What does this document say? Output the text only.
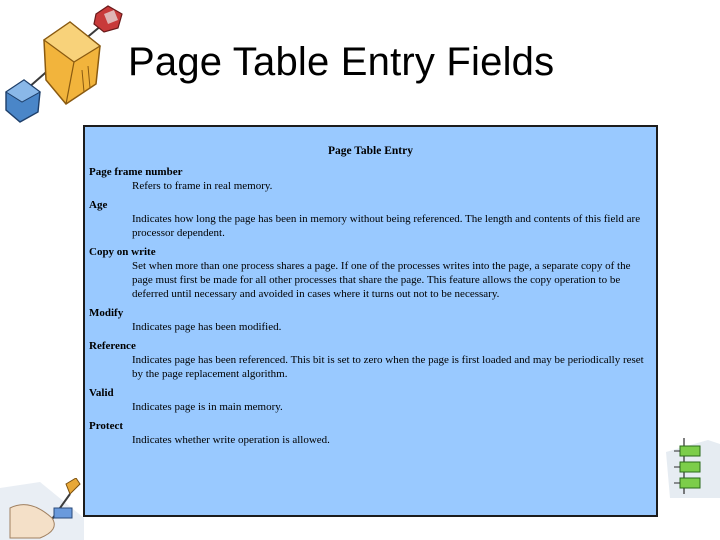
Page Table Entry Fields
Page Table Entry
Page frame number
Refers to frame in real memory.
Age
Indicates how long the page has been in memory without being referenced. The length and contents of this field are processor dependent.
Copy on write
Set when more than one process shares a page. If one of the processes writes into the page, a separate copy of the page must first be made for all other processes that share the page. This feature allows the copy operation to be deferred until necessary and avoided in cases where it turns out not to be necessary.
Modify
Indicates page has been modified.
Reference
Indicates page has been referenced. This bit is set to zero when the page is first loaded and may be periodically reset by the page replacement algorithm.
Valid
Indicates page is in main memory.
Protect
Indicates whether write operation is allowed.
